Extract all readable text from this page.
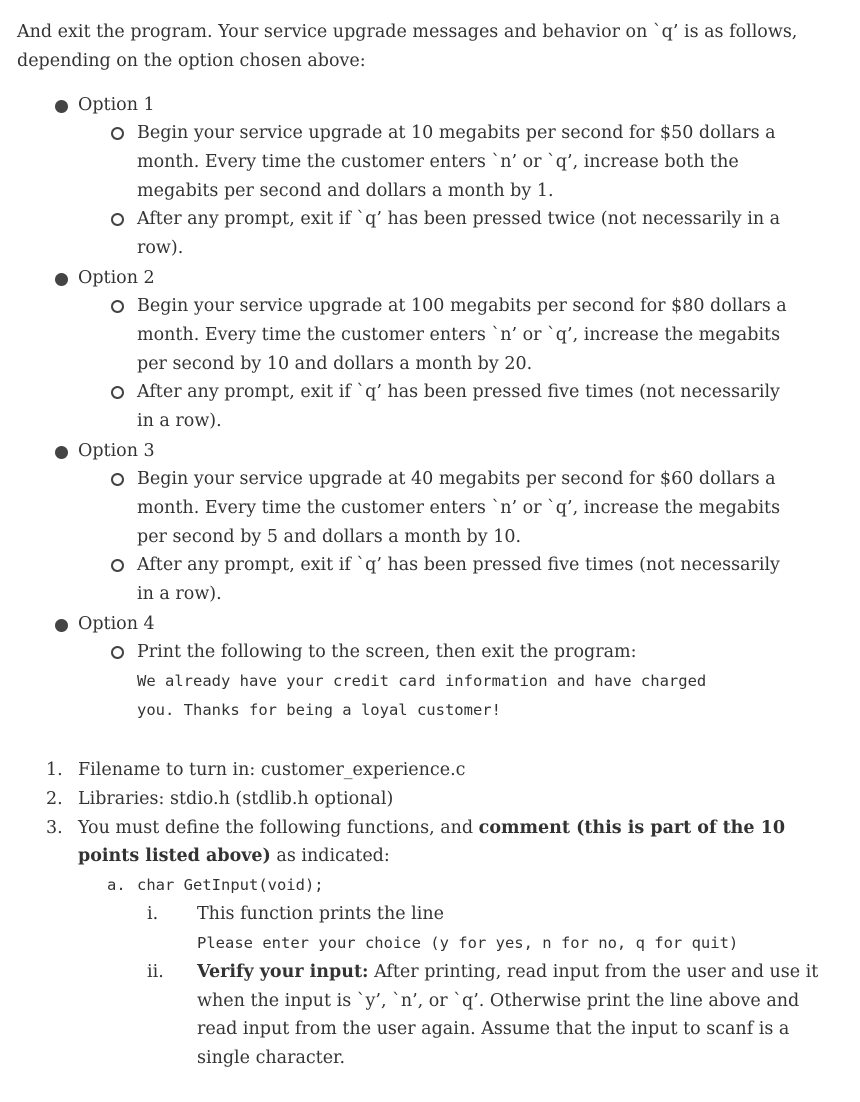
And exit the program. Your service upgrade messages and behavior on `q’ is as follows, depending on the option chosen above:

Option 1
Begin your service upgrade at 10 megabits per second for $50 dollars a month. Every time the customer enters `n’ or `q’, increase both the megabits per second and dollars a month by 1.
After any prompt, exit if `q’ has been pressed twice (not necessarily in a row).
Option 2
Begin your service upgrade at 100 megabits per second for $80 dollars a month. Every time the customer enters `n’ or `q’, increase the megabits per second by 10 and dollars a month by 20.
After any prompt, exit if `q’ has been pressed five times (not necessarily in a row).
Option 3
Begin your service upgrade at 40 megabits per second for $60 dollars a month. Every time the customer enters `n’ or `q’, increase the megabits per second by 5 and dollars a month by 10.
After any prompt, exit if `q’ has been pressed five times (not necessarily in a row).
Option 4
Print the following to the screen, then exit the program:
We already have your credit card information and have charged
you. Thanks for being a loyal customer!
1. Filename to turn in: customer_experience.c
2. Libraries: stdio.h (stdlib.h optional)
3. You must define the following functions, and comment (this is part of the 10 points listed above) as indicated:
a. char GetInput(void);
i. This function prints the line
Please enter your choice (y for yes, n for no, q for quit)
ii. Verify your input: After printing, read input from the user and use it when the input is `y’, `n’, or `q’. Otherwise print the line above and read input from the user again. Assume that the input to scanf is a single character.
